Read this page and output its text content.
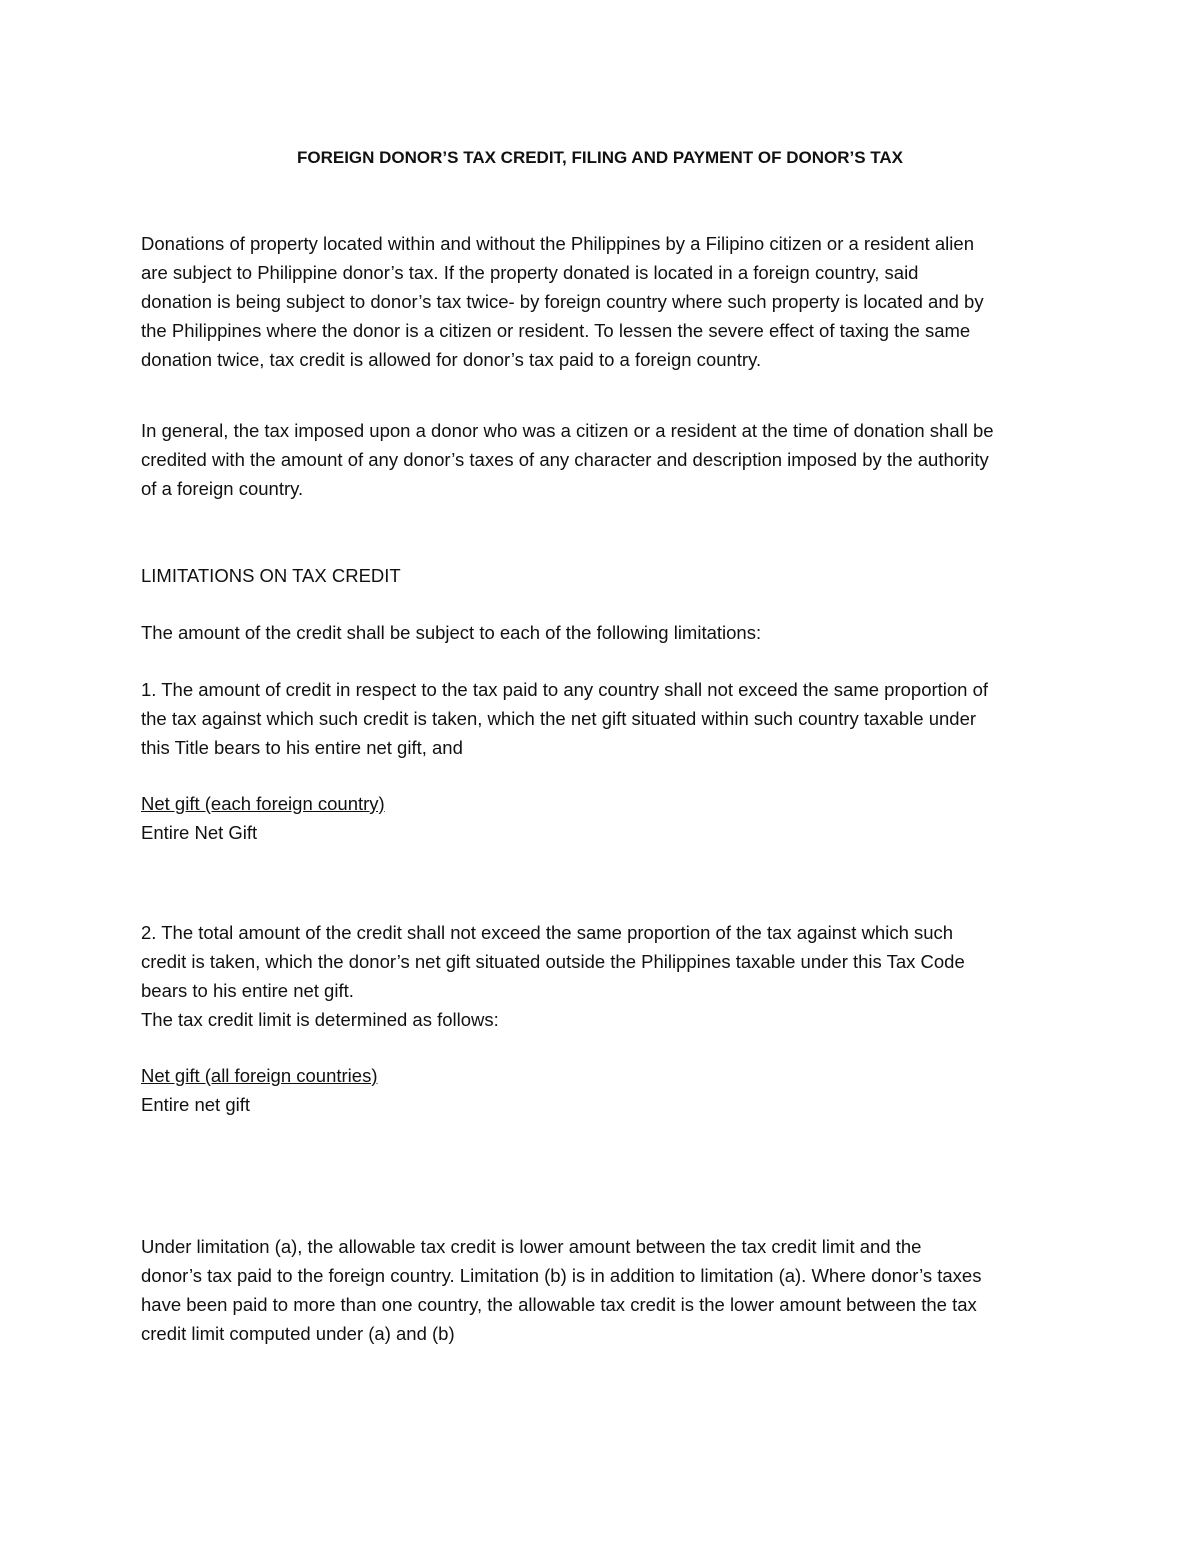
FOREIGN DONOR’S TAX CREDIT, FILING AND PAYMENT OF DONOR’S TAX

Donations of property located within and without the Philippines by a Filipino citizen or a resident alien
are subject to Philippine donor’s tax. If the property donated is located in a foreign country, said
donation is being subject to donor’s tax twice- by foreign country where such property is located and by
the Philippines where the donor is a citizen or resident. To lessen the severe effect of taxing the same
donation twice, tax credit is allowed for donor’s tax paid to a foreign country.

In general, the tax imposed upon a donor who was a citizen or a resident at the time of donation shall be
credited with the amount of any donor’s taxes of any character and description imposed by the authority
of a foreign country.

LIMITATIONS ON TAX CREDIT

The amount of the credit shall be subject to each of the following limitations:

1. The amount of credit in respect to the tax paid to any country shall not exceed the same proportion of
the tax against which such credit is taken, which the net gift situated within such country taxable under
this Title bears to his entire net gift, and

Net gift (each foreign country)
Entire Net Gift

2. The total amount of the credit shall not exceed the same proportion of the tax against which such
credit is taken, which the donor’s net gift situated outside the Philippines taxable under this Tax Code
bears to his entire net gift.
The tax credit limit is determined as follows:

Net gift (all foreign countries)
Entire net gift

Under limitation (a), the allowable tax credit is lower amount between the tax credit limit and the
donor’s tax paid to the foreign country. Limitation (b) is in addition to limitation (a). Where donor’s taxes
have been paid to more than one country, the allowable tax credit is the lower amount between the tax
credit limit computed under (a) and (b)
